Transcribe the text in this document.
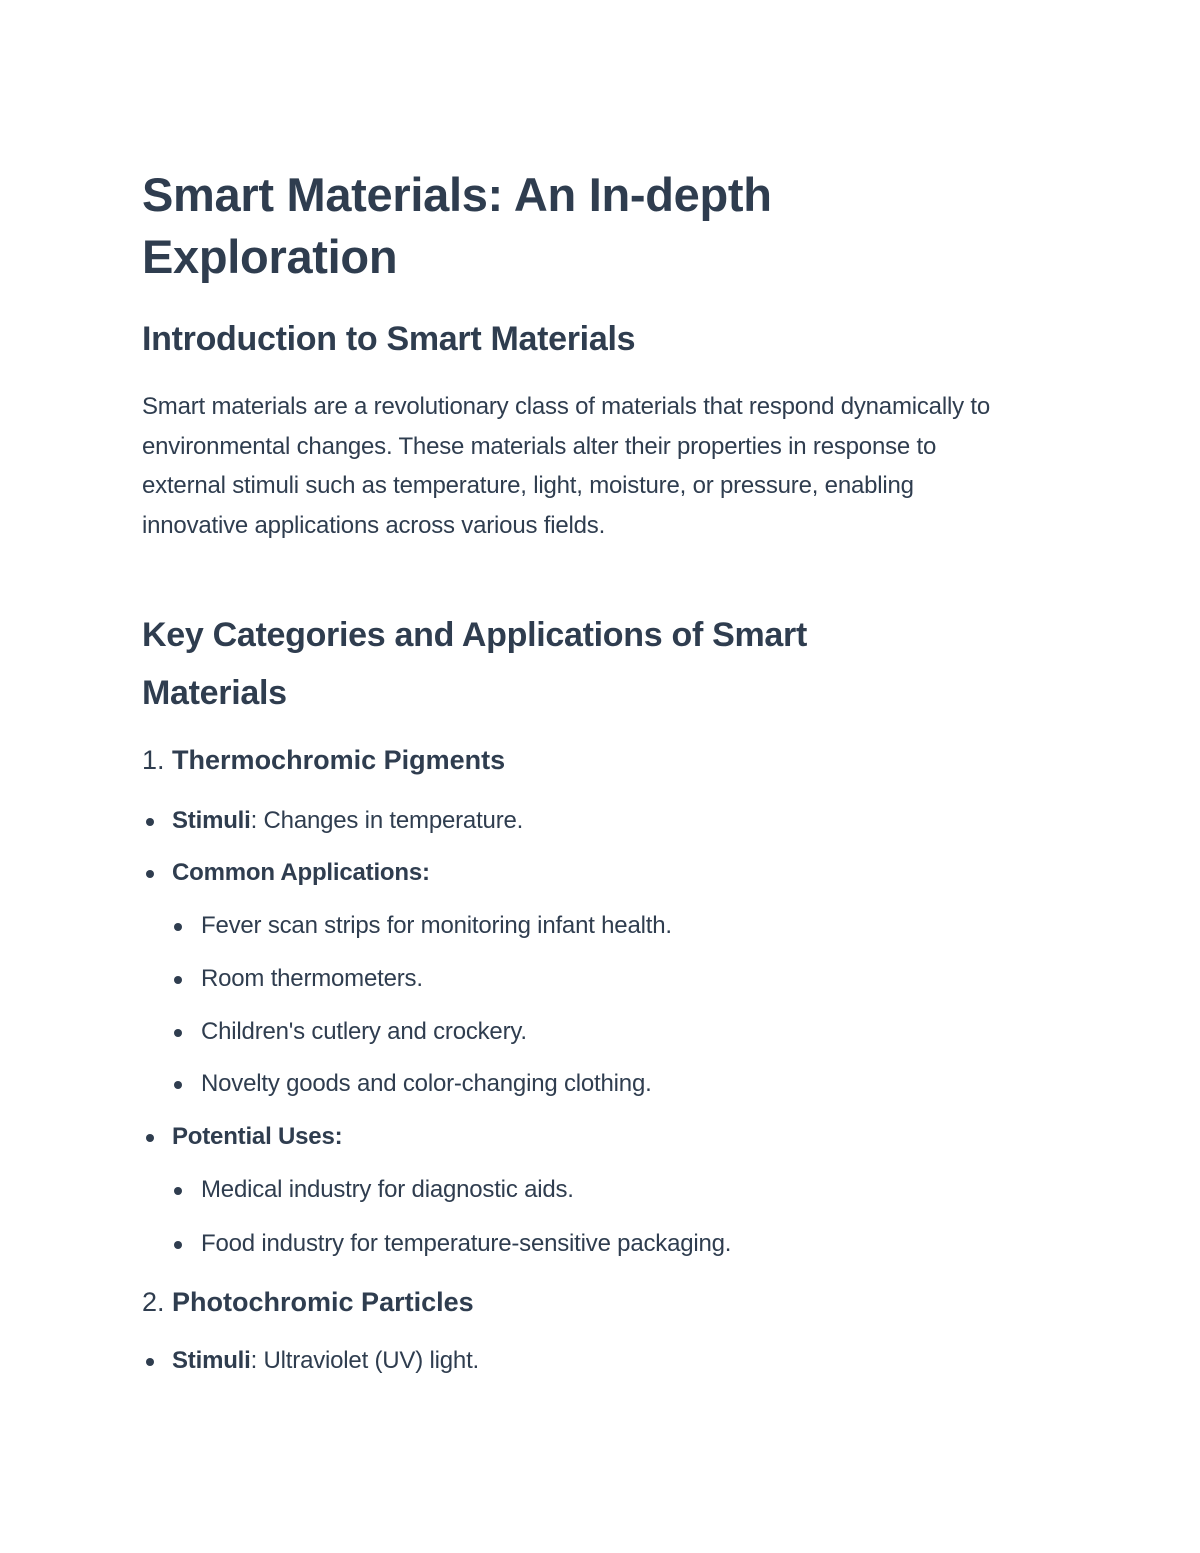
Smart Materials: An In-depth Exploration
Introduction to Smart Materials

Smart materials are a revolutionary class of materials that respond dynamically to environmental changes. These materials alter their properties in response to external stimuli such as temperature, light, moisture, or pressure, enabling innovative applications across various fields.

Key Categories and Applications of Smart Materials
1. Thermochromic Pigments
Stimuli: Changes in temperature.
Common Applications:
Fever scan strips for monitoring infant health.
Room thermometers.
Children's cutlery and crockery.
Novelty goods and color-changing clothing.
Potential Uses:
Medical industry for diagnostic aids.
Food industry for temperature-sensitive packaging.
2. Photochromic Particles
Stimuli: Ultraviolet (UV) light.
